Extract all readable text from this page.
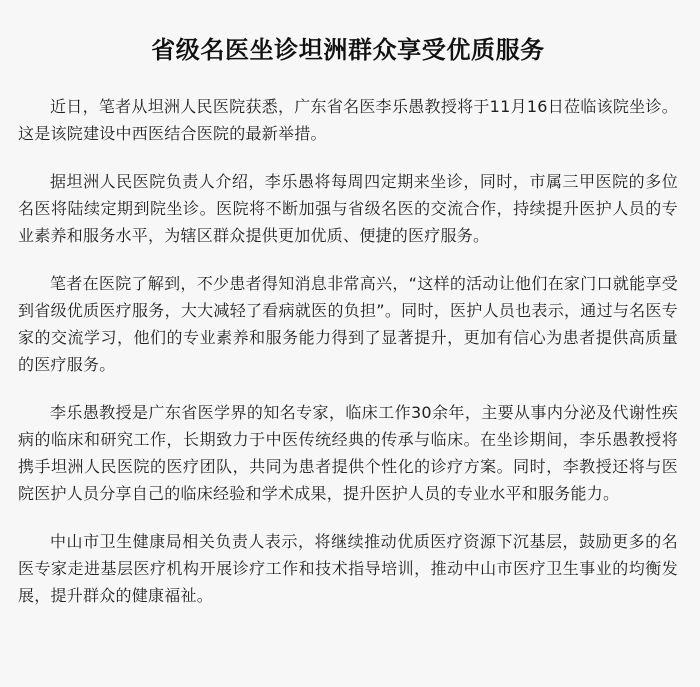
省级名医坐诊坦洲群众享受优质服务

近日，笔者从坦洲人民医院获悉，广东省名医李乐愚教授将于11月16日莅临该院坐诊。这是该院建设中西医结合医院的最新举措。

据坦洲人民医院负责人介绍，李乐愚将每周四定期来坐诊，同时，市属三甲医院的多位名医将陆续定期到院坐诊。医院将不断加强与省级名医的交流合作，持续提升医护人员的专业素养和服务水平，为辖区群众提供更加优质、便捷的医疗服务。

笔者在医院了解到，不少患者得知消息非常高兴，“这样的活动让他们在家门口就能享受到省级优质医疗服务，大大减轻了看病就医的负担”。同时，医护人员也表示，通过与名医专家的交流学习，他们的专业素养和服务能力得到了显著提升，更加有信心为患者提供高质量的医疗服务。

李乐愚教授是广东省医学界的知名专家，临床工作30余年，主要从事内分泌及代谢性疾病的临床和研究工作，长期致力于中医传统经典的传承与临床。在坐诊期间，李乐愚教授将携手坦洲人民医院的医疗团队，共同为患者提供个性化的诊疗方案。同时，李教授还将与医院医护人员分享自己的临床经验和学术成果，提升医护人员的专业水平和服务能力。

中山市卫生健康局相关负责人表示，将继续推动优质医疗资源下沉基层，鼓励更多的名医专家走进基层医疗机构开展诊疗工作和技术指导培训，推动中山市医疗卫生事业的均衡发展，提升群众的健康福祉。
